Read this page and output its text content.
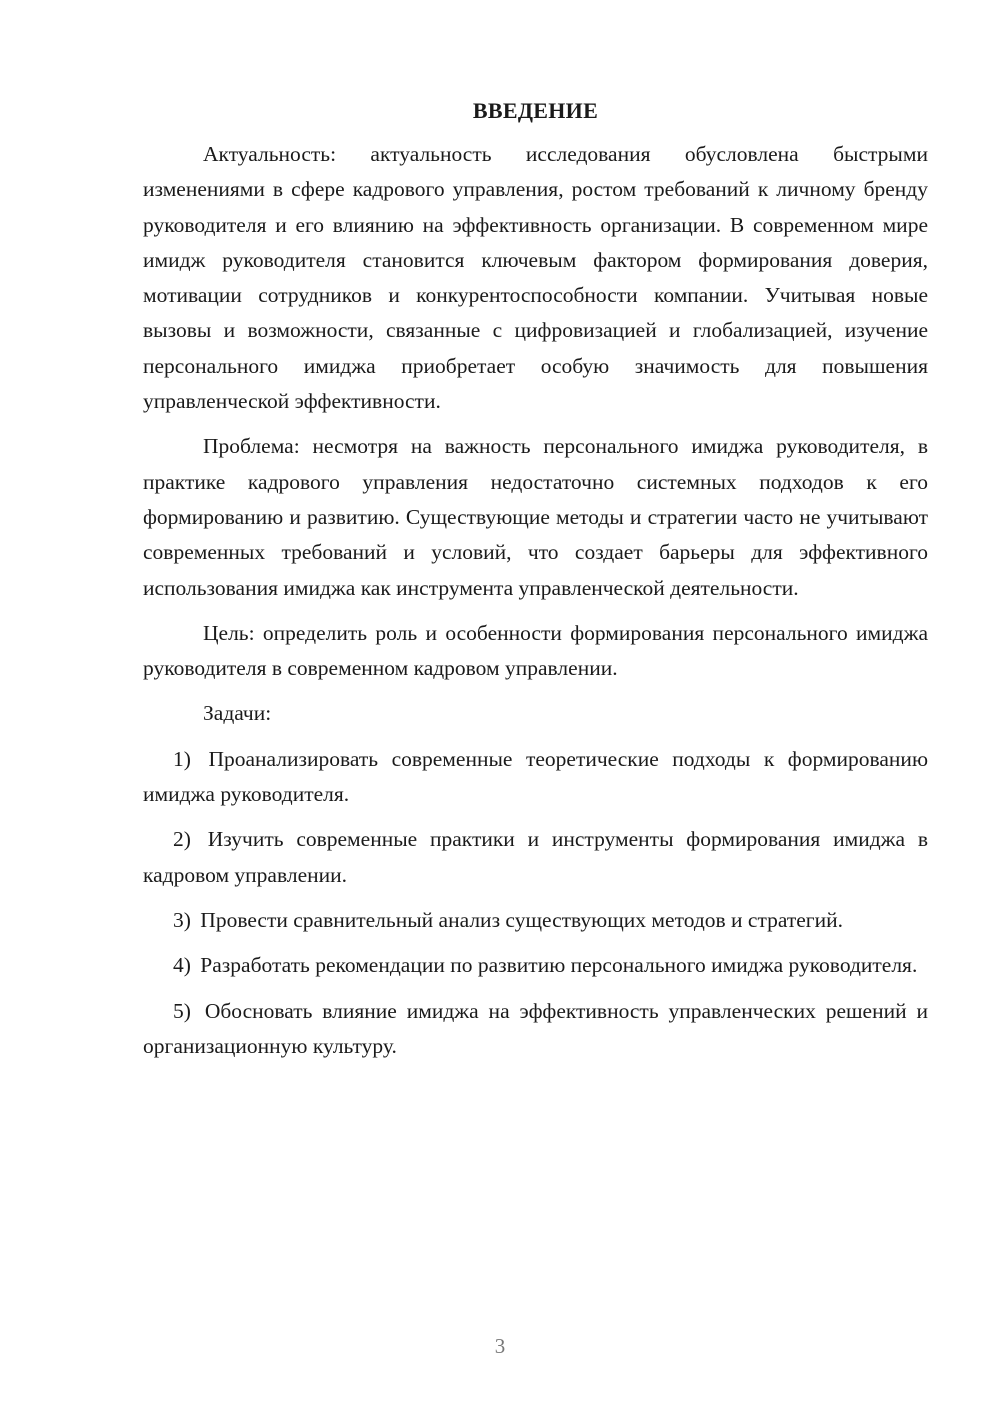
ВВЕДЕНИЕ

Актуальность: актуальность исследования обусловлена быстрыми изменениями в сфере кадрового управления, ростом требований к личному бренду руководителя и его влиянию на эффективность организации. В современном мире имидж руководителя становится ключевым фактором формирования доверия, мотивации сотрудников и конкурентоспособности компании. Учитывая новые вызовы и возможности, связанные с цифровизацией и глобализацией, изучение персонального имиджа приобретает особую значимость для повышения управленческой эффективности.

Проблема: несмотря на важность персонального имиджа руководителя, в практике кадрового управления недостаточно системных подходов к его формированию и развитию. Существующие методы и стратегии часто не учитывают современных требований и условий, что создает барьеры для эффективного использования имиджа как инструмента управленческой деятельности.

Цель: определить роль и особенности формирования персонального имиджа руководителя в современном кадровом управлении.

Задачи:

1) Проанализировать современные теоретические подходы к формированию имиджа руководителя.

2) Изучить современные практики и инструменты формирования имиджа в кадровом управлении.

3) Провести сравнительный анализ существующих методов и стратегий.

4) Разработать рекомендации по развитию персонального имиджа руководителя.

5) Обосновать влияние имиджа на эффективность управленческих решений и организационную культуру.

3
